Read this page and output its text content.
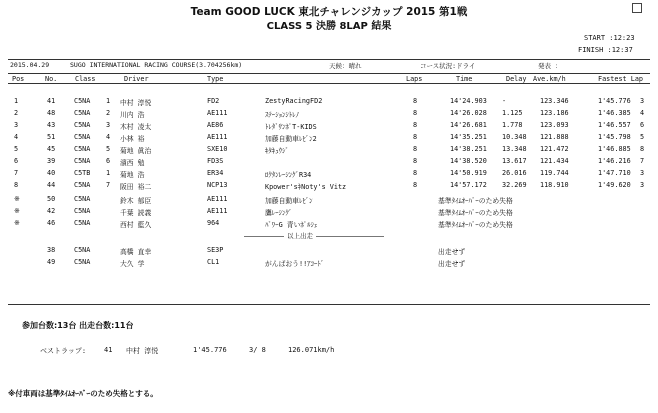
Team GOOD LUCK 東北チャレンジカップ 2015 第1戦
CLASS 5 決勝 8LAP 結果
START :12:23
FINISH :12:37
2015.04.29	SUGO INTERNATIONAL RACING COURSE(3.704256km)	天候：晴れ	コース状況:ドライ	発表 ：
Pos	No.	Class	Driver	Type	Laps	Time	Delay Ave.km/h	Fastest Lap
1	41	C5NA 1 中村 淳悦	FD2	ZestyRacingFD2	8	14'24.903 -	123.346	1'45.776 3
2	48	C5NA 2 川内 浩	AE111	ｽﾃｰｼｮﾝｼﾄﾚﾉ	8	14'26.028 1.125	123.186	1'46.385 4
3	43	C5NA 3 木村 凌太	AE86	ﾄﾚﾀﾞｻﾝﾎﾟT-KIDS	8	14'26.681 1.778	123.093	1'46.557 6
4	51	C5NA 4 小林 裕	AE111	加藤自動車ﾚﾋﾞﾝ2	8	14'35.251 10.348 121.888	1'45.798 5
5	45	C5NA 5 菊地 眞治	SXE10	ｷﾀｷｭｳｼﾞ	8	14'38.251 13.348 121.472	1'46.885 8
6	39	C5NA 6 濱西 勉	FD3S	8	14'38.520 13.617 121.434	1'46.216 7
7	40	C5TB 1 菊地 浩	ER34	ﾛｸﾀﾝﾚｰｼﾝｸﾞR34	8	14'50.919 26.016 119.744	1'47.710 3
8	44	C5NA 7 阪田 裕二	NCP13	Kpower'sｷNoty's Vitz	8	14'57.172 32.269 118.910	1'49.620 3
※	50	C5NA	鈴木 郁臣	AE111	加藤自動車ﾚﾋﾞﾝ	基準ﾀｲﾑｵｰﾊﾞｰのため失格
※	42	C5NA	千葉 読義	AE111	鷹ﾚｰｼﾝｸﾞ	基準ﾀｲﾑｵｰﾊﾞｰのため失格
※	46	C5NA	西村 藍久	964	ﾊﾞﾜｰG 青いﾎﾟﾙｼｪ	基準ﾀｲﾑｵｰﾊﾞｰのため失格
38	C5NA	高橋 直幸	SE3P	出走せず
49	C5NA	大久 学	CL1	がんばおう!!ｱｺｰﾄﾞ	出走せず
以上出走
参加台数:13台 出走台数:11台
ベストラップ:	41 中村 淳悦	1'45.776	3/ 8	126.071km/h
※付車両は基準ﾀｲﾑｵｰﾊﾞｰのため失格とする。
